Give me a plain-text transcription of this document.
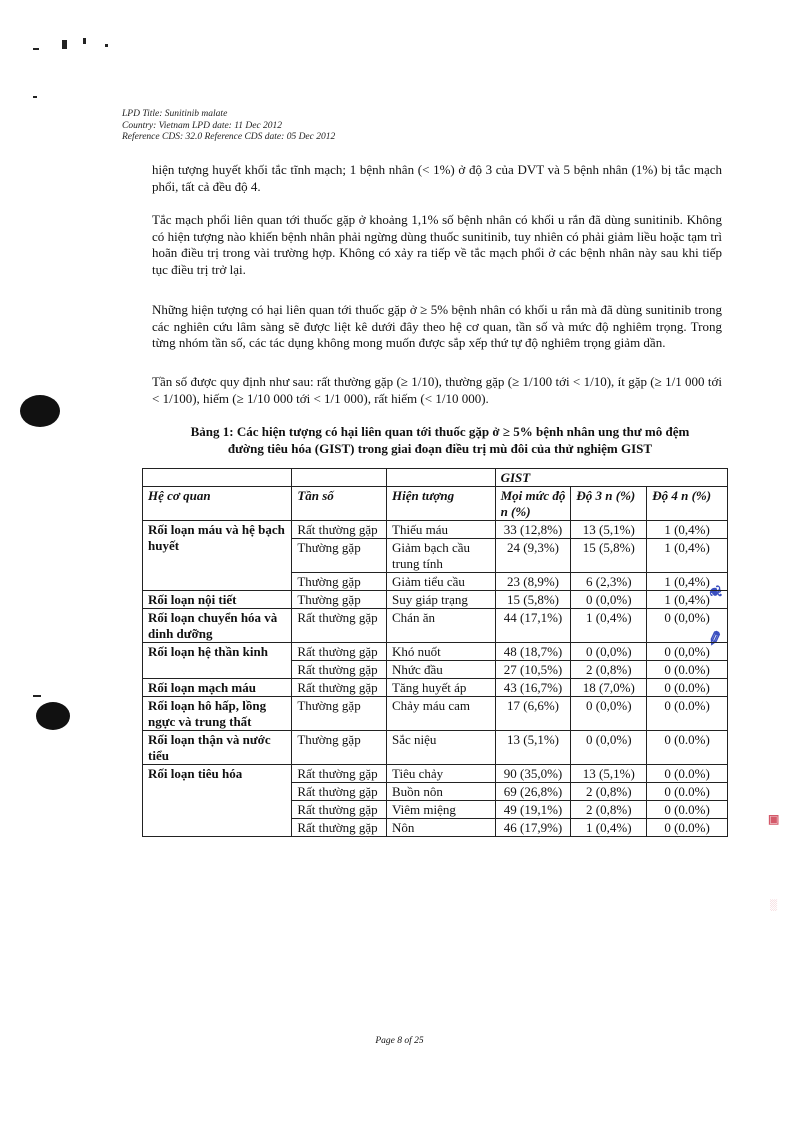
❦
✎
▣
░
LPD Title: Sunitinib malate
Country: Vietnam LPD date: 11 Dec 2012
Reference CDS: 32.0 Reference CDS date: 05 Dec 2012
hiện tượng huyết khối tắc tĩnh mạch; 1 bệnh nhân (< 1%) ở độ 3 của DVT và 5 bệnh nhân (1%) bị tắc mạch phổi, tất cả đều độ 4.
Tắc mạch phổi liên quan tới thuốc gặp ở khoảng 1,1% số bệnh nhân có khối u rắn đã dùng sunitinib. Không có hiện tượng nào khiến bệnh nhân phải ngừng dùng thuốc sunitinib, tuy nhiên có phải giảm liều hoặc tạm trì hoãn điều trị trong vài trường hợp. Không có xảy ra tiếp về tắc mạch phổi ở các bệnh nhân này sau khi tiếp tục điều trị trở lại.
Những hiện tượng có hại liên quan tới thuốc gặp ở ≥ 5% bệnh nhân có khối u rắn mà đã dùng sunitinib trong các nghiên cứu lâm sàng sẽ được liệt kê dưới đây theo hệ cơ quan, tần số và mức độ nghiêm trọng. Trong từng nhóm tần số, các tác dụng không mong muốn được sắp xếp thứ tự độ nghiêm trọng giảm dần.
Tần số được quy định như sau: rất thường gặp (≥ 1/10), thường gặp (≥ 1/100 tới < 1/10), ít gặp (≥ 1/1 000 tới < 1/100), hiếm (≥ 1/10 000 tới < 1/1 000), rất hiếm (< 1/10 000).
Bảng 1: Các hiện tượng có hại liên quan tới thuốc gặp ở ≥ 5% bệnh nhân ung thư mô đệm
đường tiêu hóa (GIST) trong giai đoạn điều trị mù đôi của thử nghiệm GIST
			GIST		
Hệ cơ quan	Tần số	Hiện tượng	Mọi mức độ n (%)	Độ 3 n (%)	Độ 4 n (%)
Rối loạn máu và hệ bạch huyết	Rất thường gặp	Thiếu máu	33 (12,8%)	13 (5,1%)	1 (0,4%)
	Thường gặp	Giảm bạch cầu trung tính	24 (9,3%)	15 (5,8%)	1 (0,4%)
	Thường gặp	Giảm tiểu cầu	23 (8,9%)	6 (2,3%)	1 (0,4%)
Rối loạn nội tiết	Thường gặp	Suy giáp trạng	15 (5,8%)	0 (0,0%)	1 (0,4%)
Rối loạn chuyển hóa và dinh dưỡng	Rất thường gặp	Chán ăn	44 (17,1%)	1 (0,4%)	0 (0,0%)
Rối loạn hệ thần kinh	Rất thường gặp	Khó nuốt	48 (18,7%)	0 (0,0%)	0 (0,0%)
	Rất thường gặp	Nhức đầu	27 (10,5%)	2 (0,8%)	0 (0.0%)
Rối loạn mạch máu	Rất thường gặp	Tăng huyết áp	43 (16,7%)	18 (7,0%)	0 (0.0%)
Rối loạn hô hấp, lồng ngực và trung thất	Thường gặp	Chảy máu cam	17 (6,6%)	0 (0,0%)	0 (0.0%)
Rối loạn thận và nước tiểu	Thường gặp	Sắc niệu	13 (5,1%)	0 (0,0%)	0 (0.0%)
Rối loạn tiêu hóa	Rất thường gặp	Tiêu chảy	90 (35,0%)	13 (5,1%)	0 (0.0%)
	Rất thường gặp	Buồn nôn	69 (26,8%)	2 (0,8%)	0 (0.0%)
	Rất thường gặp	Viêm miệng	49 (19,1%)	2 (0,8%)	0 (0.0%)
	Rất thường gặp	Nôn	46 (17,9%)	1 (0,4%)	0 (0.0%)
Page 8 of 25
